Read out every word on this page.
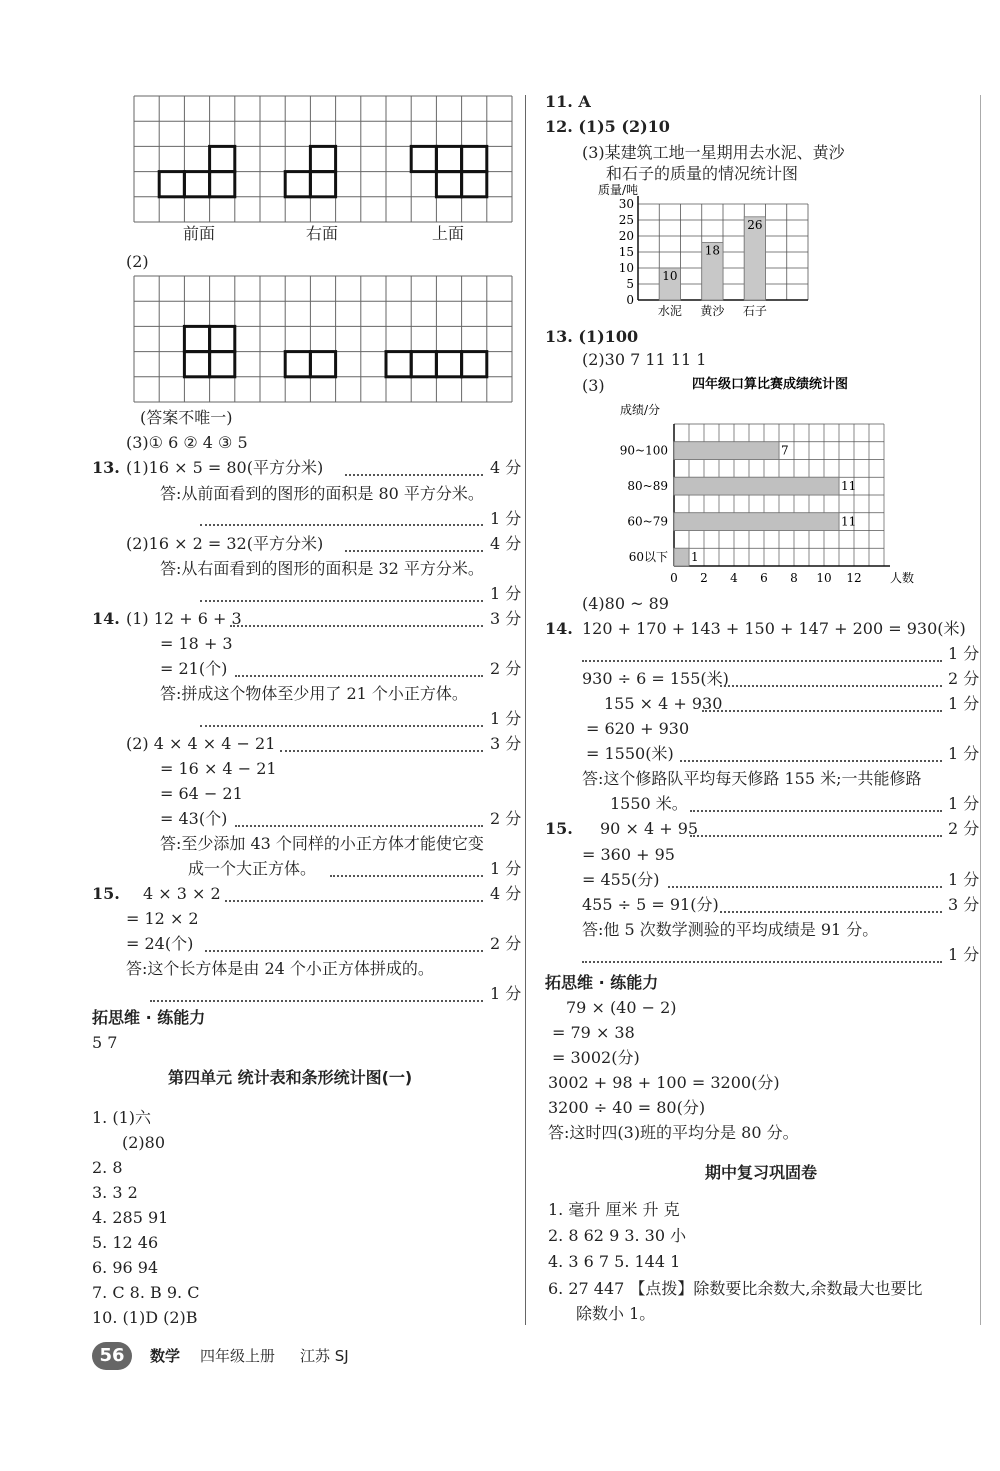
前面	右面	上面
(2)
(答案不唯一)
(3)① 6 ② 4 ③ 5
13. (1)16 × 5 = 80(平方分米)	4 分
答:从前面看到的图形的面积是 80 平方分米。
1 分
(2)16 × 2 = 32(平方分米)	4 分
答:从右面看到的图形的面积是 32 平方分米。
1 分
14. (1) 12 + 6 + 3	3 分
= 18 + 3
= 21(个)	2 分
答:拼成这个物体至少用了 21 个小正方体。
1 分
(2) 4 × 4 × 4 − 21	3 分
= 16 × 4 − 21
= 64 − 21
= 43(个)	2 分
答:至少添加 43 个同样的小正方体才能使它变
成一个大正方体。	1 分
15. 4 × 3 × 2	4 分
= 12 × 2
= 24(个)	2 分
答:这个长方体是由 24 个小正方体拼成的。
1 分
拓思维 · 练能力
5 7
第四单元 统计表和条形统计图(一)
1. (1)六
(2)80
2. 8
3. 3 2
4. 285 91
5. 12 46
6. 96 94
7. C 8. B 9. C
10. (1)D (2)B
11. A
12. (1)5 (2)10
(3)某建筑工地一星期用去水泥、黄沙
和石子的质量的情况统计图
质量/吨
0
5
10
15
20
25
30
10
水泥
18
黄沙
26
石子
13. (1)100
(2)30 7 11 11 1
(3)	四年级口算比赛成绩统计图
成绩/分
0 2 4 6 8 10 12 人数
7
90~100
11
80~89
11
60~79
1
60以下
(4)80 ~ 89
14. 120 + 170 + 143 + 150 + 147 + 200 = 930(米)
1 分
930 ÷ 6 = 155(米)	2 分
155 × 4 + 930	1 分
= 620 + 930
= 1550(米)	1 分
答:这个修路队平均每天修路 155 米;一共能修路
1550 米。	1 分
15. 90 × 4 + 95	2 分
= 360 + 95
= 455(分)	1 分
455 ÷ 5 = 91(分)	3 分
答:他 5 次数学测验的平均成绩是 91 分。
1 分
拓思维 · 练能力
79 × (40 − 2)
= 79 × 38
= 3002(分)
3002 + 98 + 100 = 3200(分)
3200 ÷ 40 = 80(分)
答:这时四(3)班的平均分是 80 分。
期中复习巩固卷
1. 毫升 厘米 升 克
2. 8 62 9 3. 30 小
4. 3 6 7 5. 144 1
6. 27 447 【点拨】除数要比余数大,余数最大也要比
除数小 1。
56	数学 四年级上册 江苏 SJ
